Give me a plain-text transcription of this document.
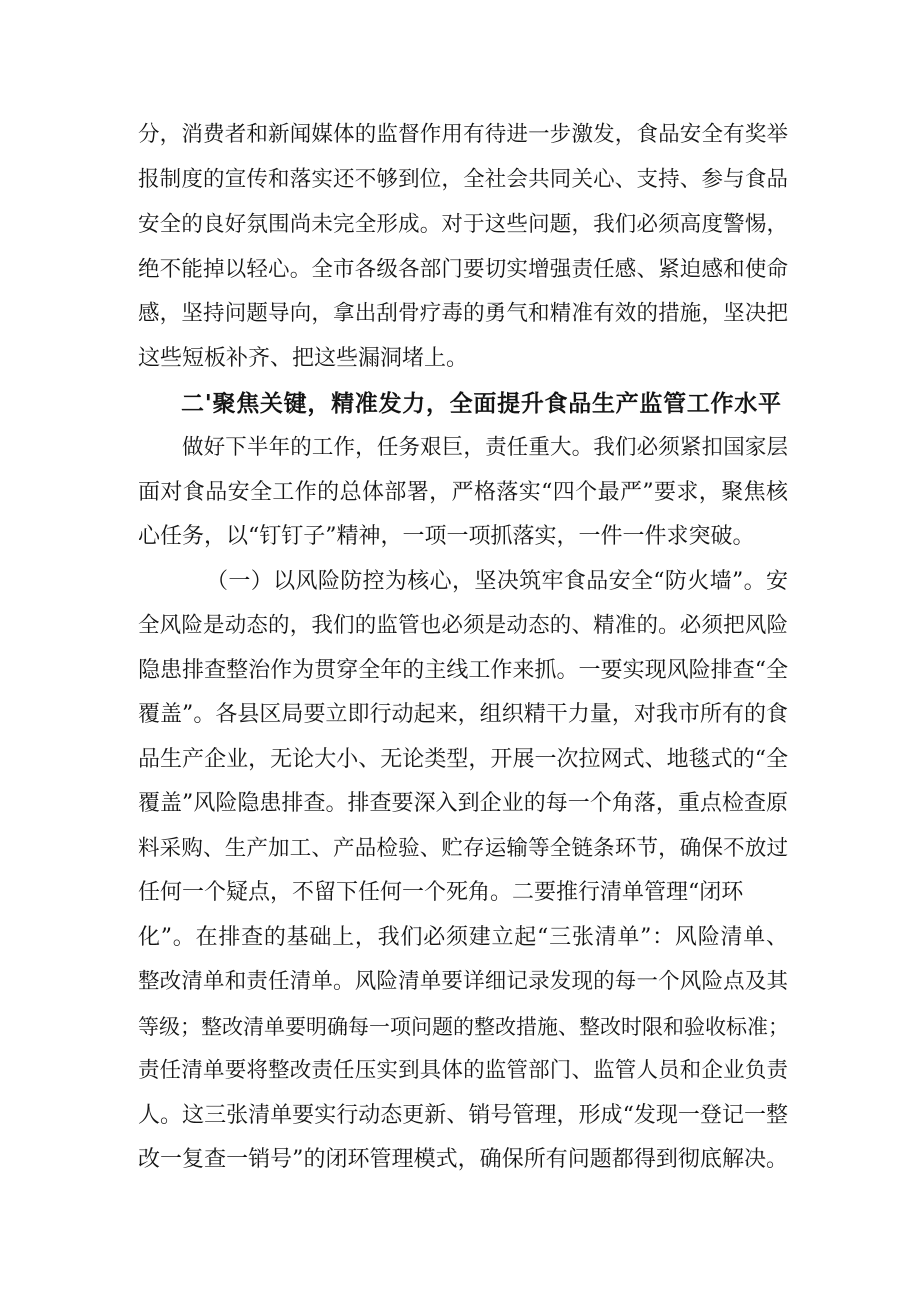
分，消费者和新闻媒体的监督作用有待进一步激发，食品安全有奖举
报制度的宣传和落实还不够到位，全社会共同关心、支持、参与食品
安全的良好氛围尚未完全形成。对于这些问题，我们必须高度警惕，
绝不能掉以轻心。全市各级各部门要切实增强责任感、紧迫感和使命
感，坚持问题导向，拿出刮骨疗毒的勇气和精准有效的措施，坚决把
这些短板补齐、把这些漏洞堵上。
二'聚焦关键，精准发力，全面提升食品生产监管工作水平
做好下半年的工作，任务艰巨，责任重大。我们必须紧扣国家层
面对食品安全工作的总体部署，严格落实“四个最严”要求，聚焦核
心任务，以“钉钉子”精神，一项一项抓落实，一件一件求突破。
（一）以风险防控为核心，坚决筑牢食品安全“防火墙”。安
全风险是动态的，我们的监管也必须是动态的、精准的。必须把风险
隐患排查整治作为贯穿全年的主线工作来抓。一要实现风险排查“全
覆盖”。各县区局要立即行动起来，组织精干力量，对我市所有的食
品生产企业，无论大小、无论类型，开展一次拉网式、地毯式的“全
覆盖”风险隐患排查。排查要深入到企业的每一个角落，重点检查原
料采购、生产加工、产品检验、贮存运输等全链条环节，确保不放过
任何一个疑点，不留下任何一个死角。二要推行清单管理“闭环
化”。在排查的基础上，我们必须建立起“三张清单”：风险清单、
整改清单和责任清单。风险清单要详细记录发现的每一个风险点及其
等级；整改清单要明确每一项问题的整改措施、整改时限和验收标准；
责任清单要将整改责任压实到具体的监管部门、监管人员和企业负责
人。这三张清单要实行动态更新、销号管理，形成“发现一登记一整
改一复查一销号”的闭环管理模式，确保所有问题都得到彻底解决。
